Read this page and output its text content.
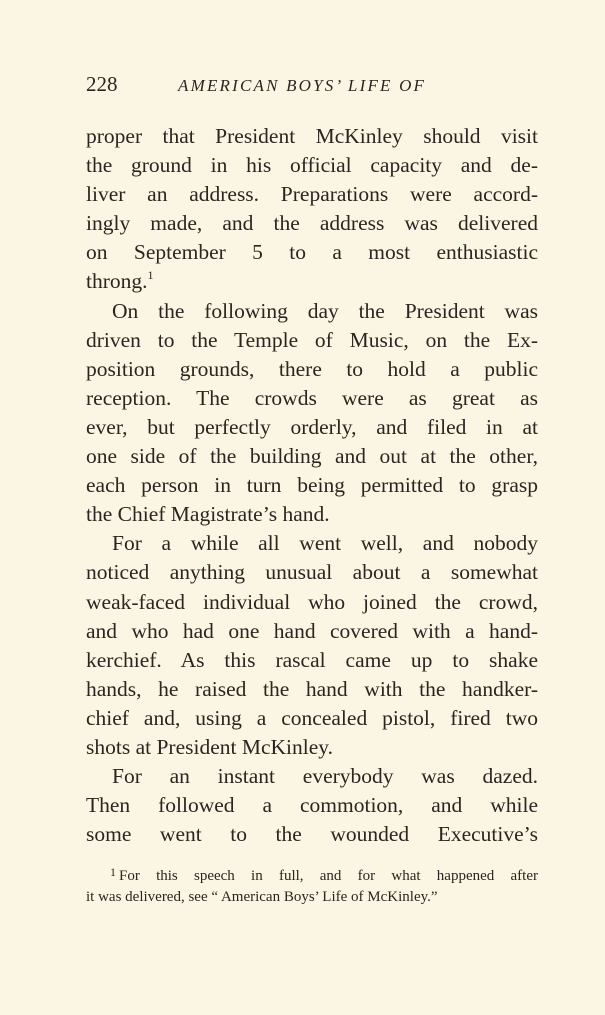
228	AMERICAN BOYS’ LIFE OF
proper that President McKinley should visit
the ground in his official capacity and de-
liver an address. Preparations were accord-
ingly made, and the address was delivered
on September 5 to a most enthusiastic
throng.$^1$
On the following day the President was
driven to the Temple of Music, on the Ex-
position grounds, there to hold a public
reception. The crowds were as great as
ever, but perfectly orderly, and filed in at
one side of the building and out at the other,
each person in turn being permitted to grasp
the Chief Magistrate’s hand.
For a while all went well, and nobody
noticed anything unusual about a somewhat
weak-faced individual who joined the crowd,
and who had one hand covered with a hand-
kerchief. As this rascal came up to shake
hands, he raised the hand with the handker-
chief and, using a concealed pistol, fired two
shots at President McKinley.
For an instant everybody was dazed.
Then followed a commotion, and while
some went to the wounded Executive’s
$^1$ For this speech in full, and for what happened after
it was delivered, see “ American Boys’ Life of McKinley.”
